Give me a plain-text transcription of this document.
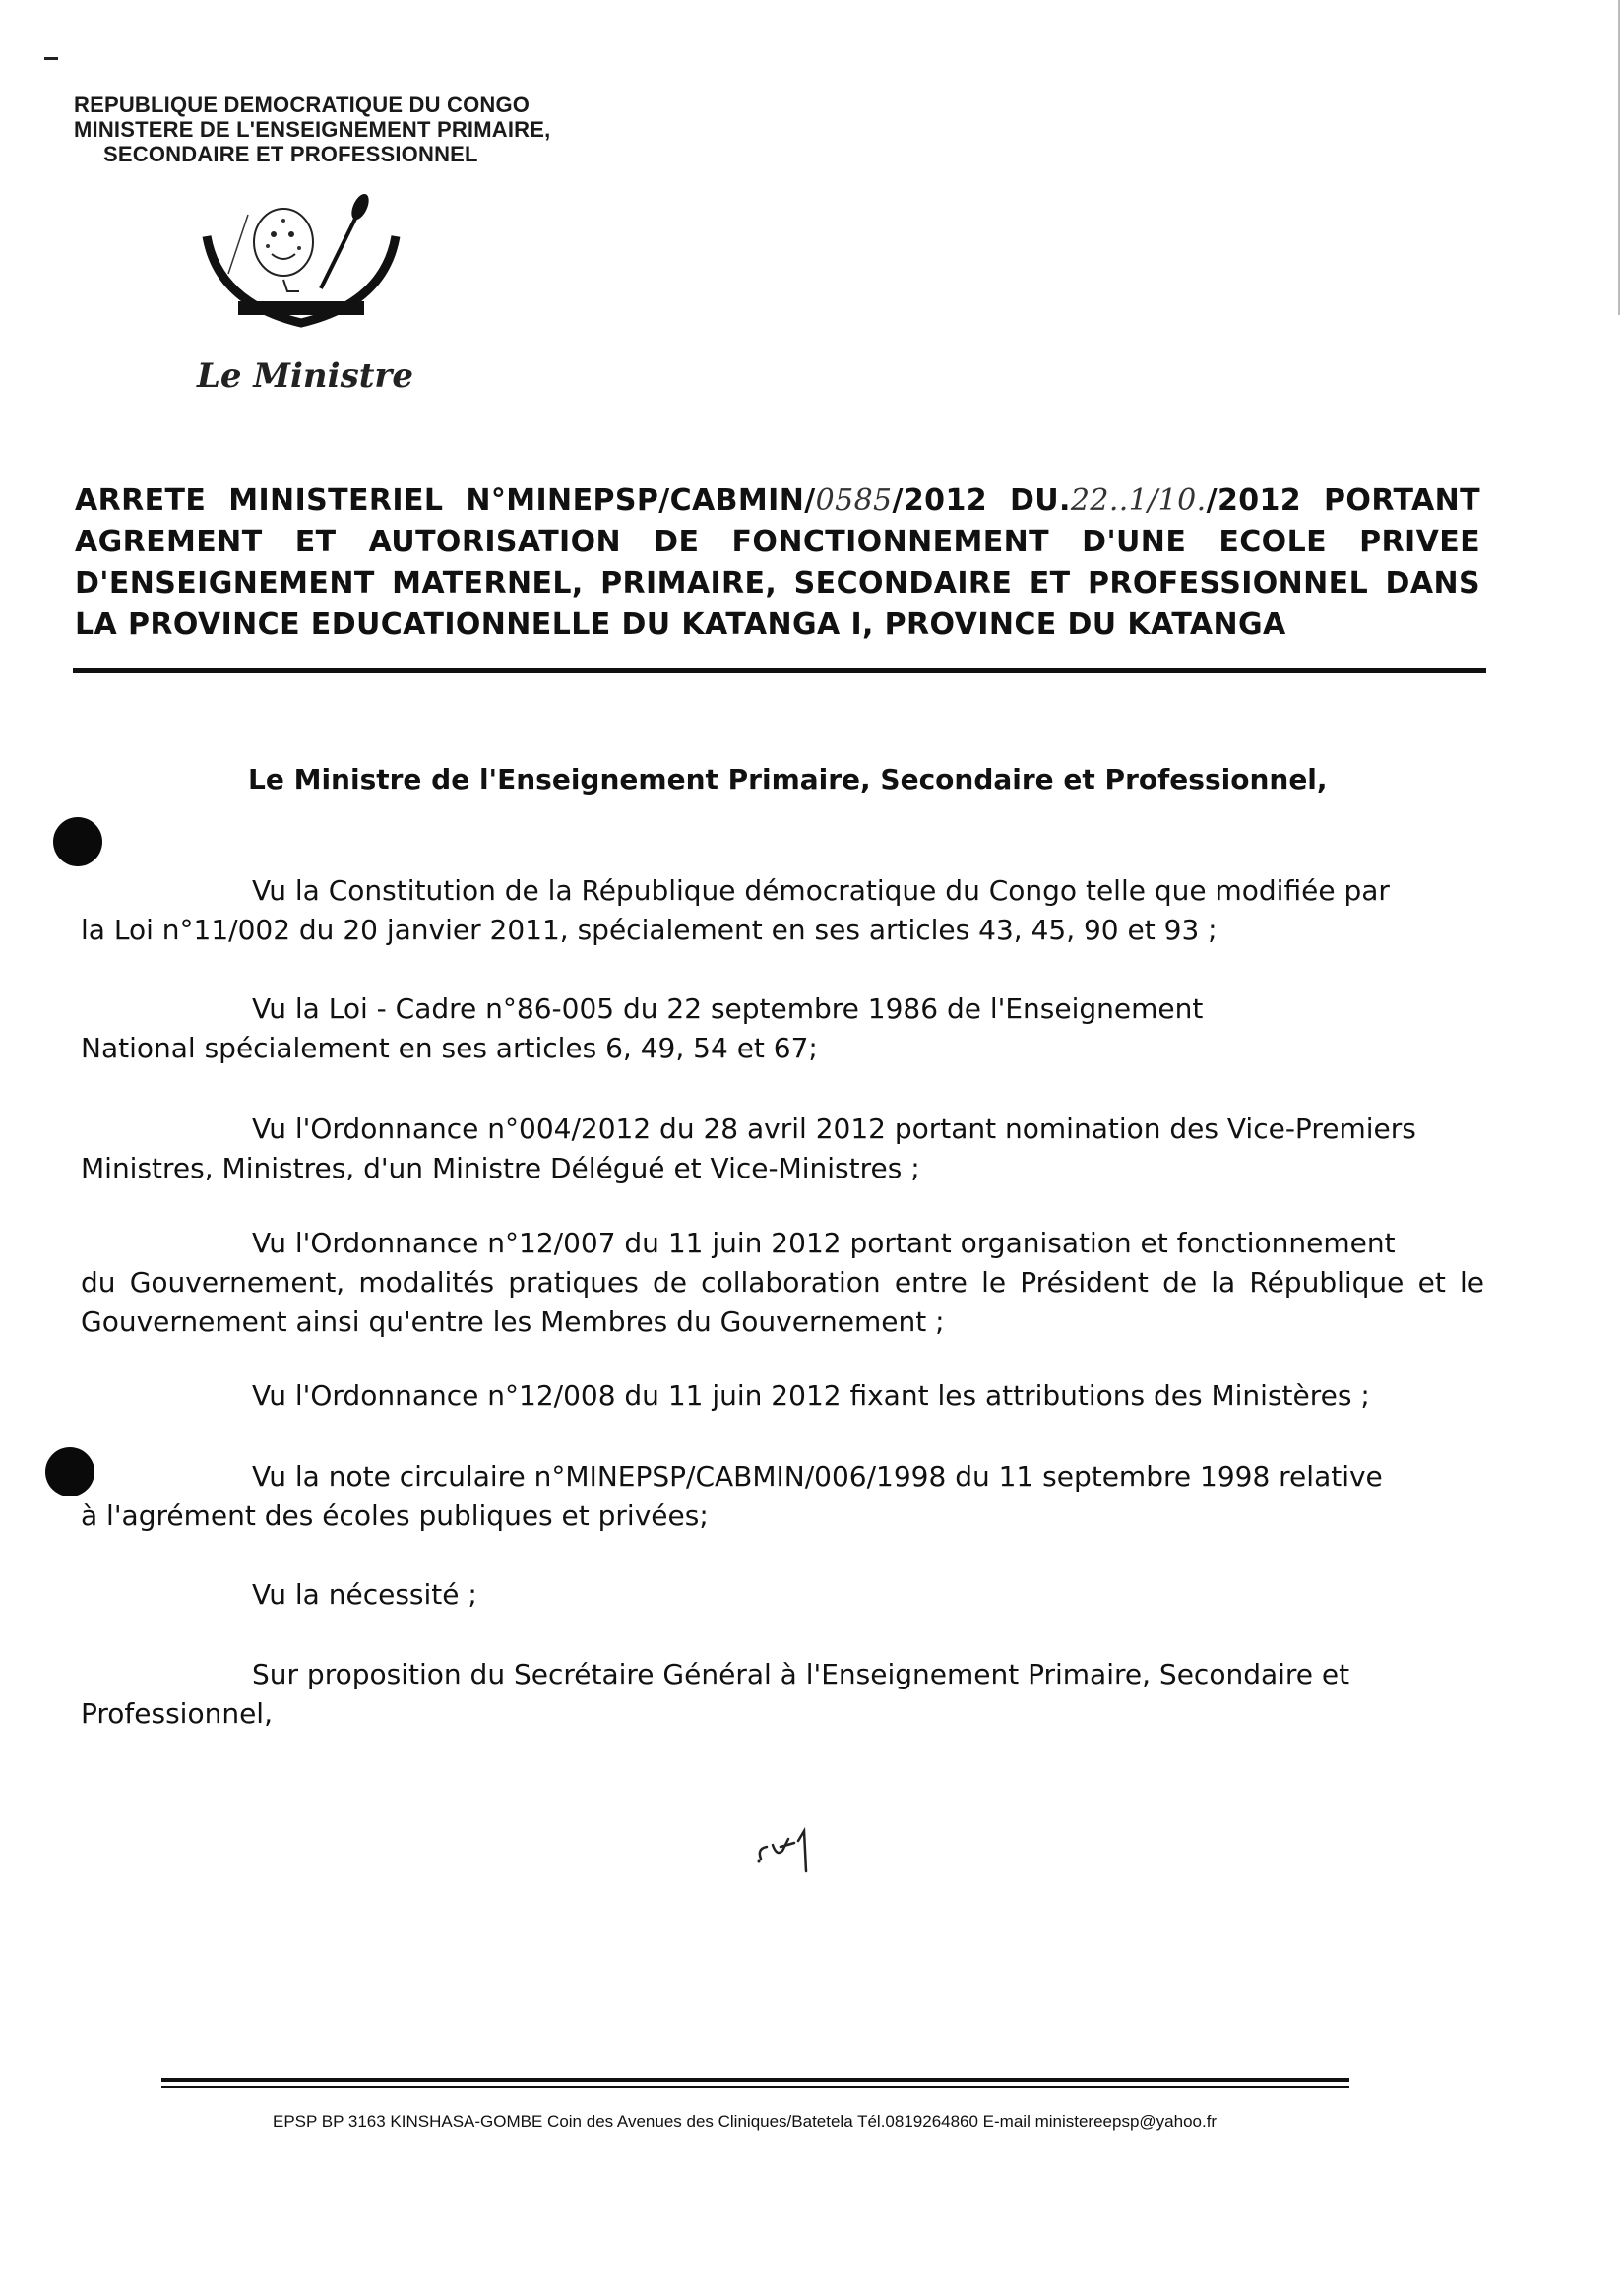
REPUBLIQUE DEMOCRATIQUE DU CONGO
MINISTERE DE L'ENSEIGNEMENT PRIMAIRE,
SECONDAIRE ET PROFESSIONNEL
Le Ministre
ARRETE MINISTERIEL N°MINEPSP/CABMIN/0585/2012 DU.22..1/10./2012 PORTANT AGREMENT ET AUTORISATION DE FONCTIONNEMENT D'UNE ECOLE PRIVEE D'ENSEIGNEMENT MATERNEL, PRIMAIRE, SECONDAIRE ET PROFESSIONNEL DANS LA PROVINCE EDUCATIONNELLE DU KATANGA I, PROVINCE DU KATANGA
Le Ministre de l'Enseignement Primaire, Secondaire et Professionnel,
Vu la Constitution de la République démocratique du Congo telle que modifiée par
la Loi n°11/002 du 20 janvier 2011, spécialement en ses articles 43, 45, 90 et 93 ;
Vu la Loi - Cadre n°86-005 du 22 septembre 1986 de l'Enseignement
National spécialement en ses articles 6, 49, 54 et 67;
Vu l'Ordonnance n°004/2012 du 28 avril 2012 portant nomination des Vice-Premiers
Ministres, Ministres, d'un Ministre Délégué et Vice-Ministres ;
Vu l'Ordonnance n°12/007 du 11 juin 2012 portant organisation et fonctionnement
du Gouvernement, modalités pratiques de collaboration entre le Président de la République et le Gouvernement ainsi qu'entre les Membres du Gouvernement ;
Vu l'Ordonnance n°12/008 du 11 juin 2012 fixant les attributions des Ministères ;
Vu la note circulaire n°MINEPSP/CABMIN/006/1998 du 11 septembre 1998 relative
à l'agrément des écoles publiques et privées;
Vu la nécessité ;
Sur proposition du Secrétaire Général à l'Enseignement Primaire, Secondaire et
Professionnel,
EPSP BP 3163 KINSHASA-GOMBE Coin des Avenues des Cliniques/Batetela Tél.0819264860 E-mail ministereepsp@yahoo.fr
